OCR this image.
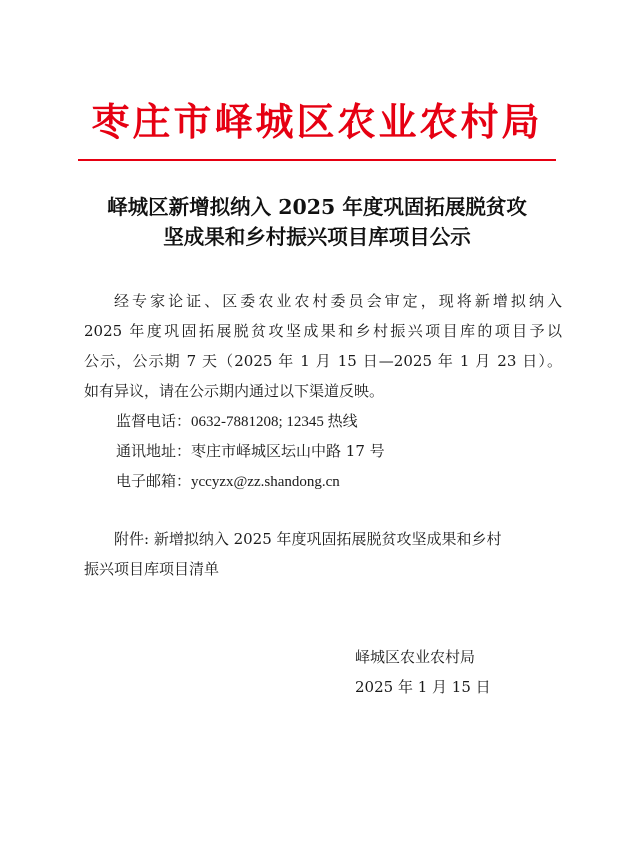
枣庄市峄城区农业农村局
峄城区新增拟纳入 2025 年度巩固拓展脱贫攻
坚成果和乡村振兴项目库项目公示
经专家论证、区委农业农村委员会审定，现将新增拟纳入
2025 年度巩固拓展脱贫攻坚成果和乡村振兴项目库的项目予以
公示，公示期 7 天（2025 年 1 月 15 日—2025 年 1 月 23 日）。
如有异议，请在公示期内通过以下渠道反映。
监督电话：0632-7881208; 12345 热线
通讯地址：枣庄市峄城区坛山中路 17 号
电子邮箱：yccyzx@zz.shandong.cn
附件: 新增拟纳入 2025 年度巩固拓展脱贫攻坚成果和乡村
振兴项目库项目清单
峄城区农业农村局
2025 年 1 月 15 日
